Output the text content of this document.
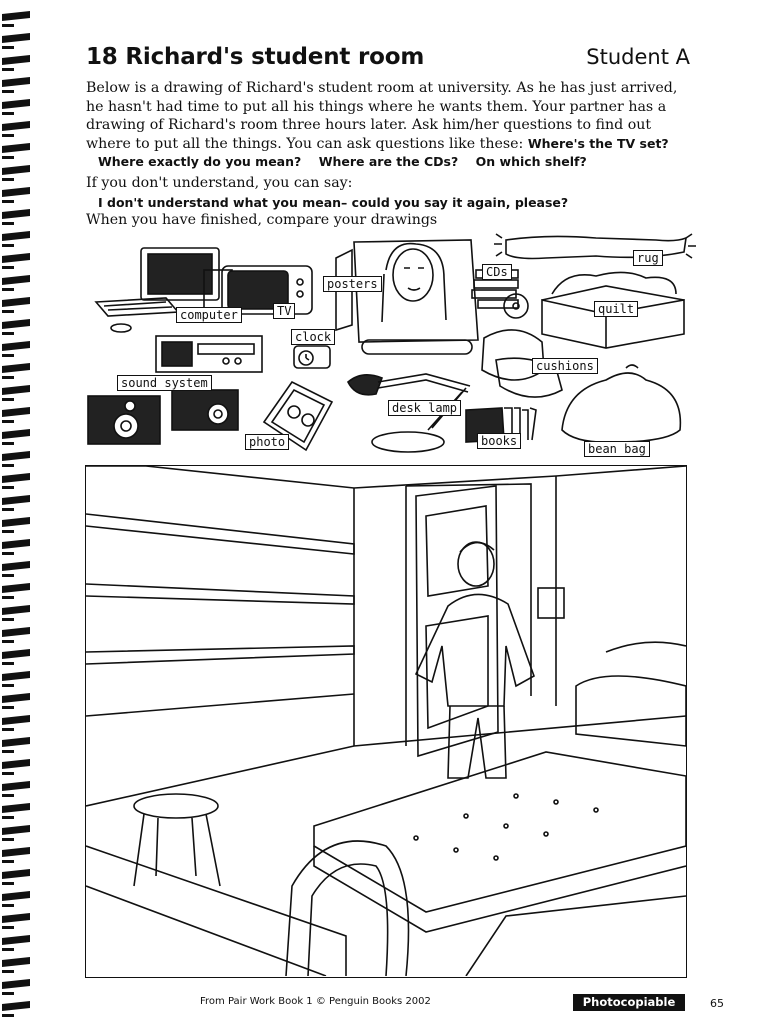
18 Richard's student room	Student A

Below is a drawing of Richard's student room at university. As he has just arrived, he hasn't had time to put all his things where he wants them. Your partner has a drawing of Richard's room three hours later. Ask him/her questions to find out where to put all the things. You can ask questions like these: Where's the TV set?

Where exactly do you mean? Where are the CDs? On which shelf?
If you don't understand, you can say:
I don't understand what you mean– could you say it again, please?
When you have finished, compare your drawings
posters
CDs
rug
quilt
computer	TV
clock
cushions
sound system
desk lamp
photo	books
bean bag
From Pair Work Book 1 © Penguin Books 2002	Photocopiable	65
